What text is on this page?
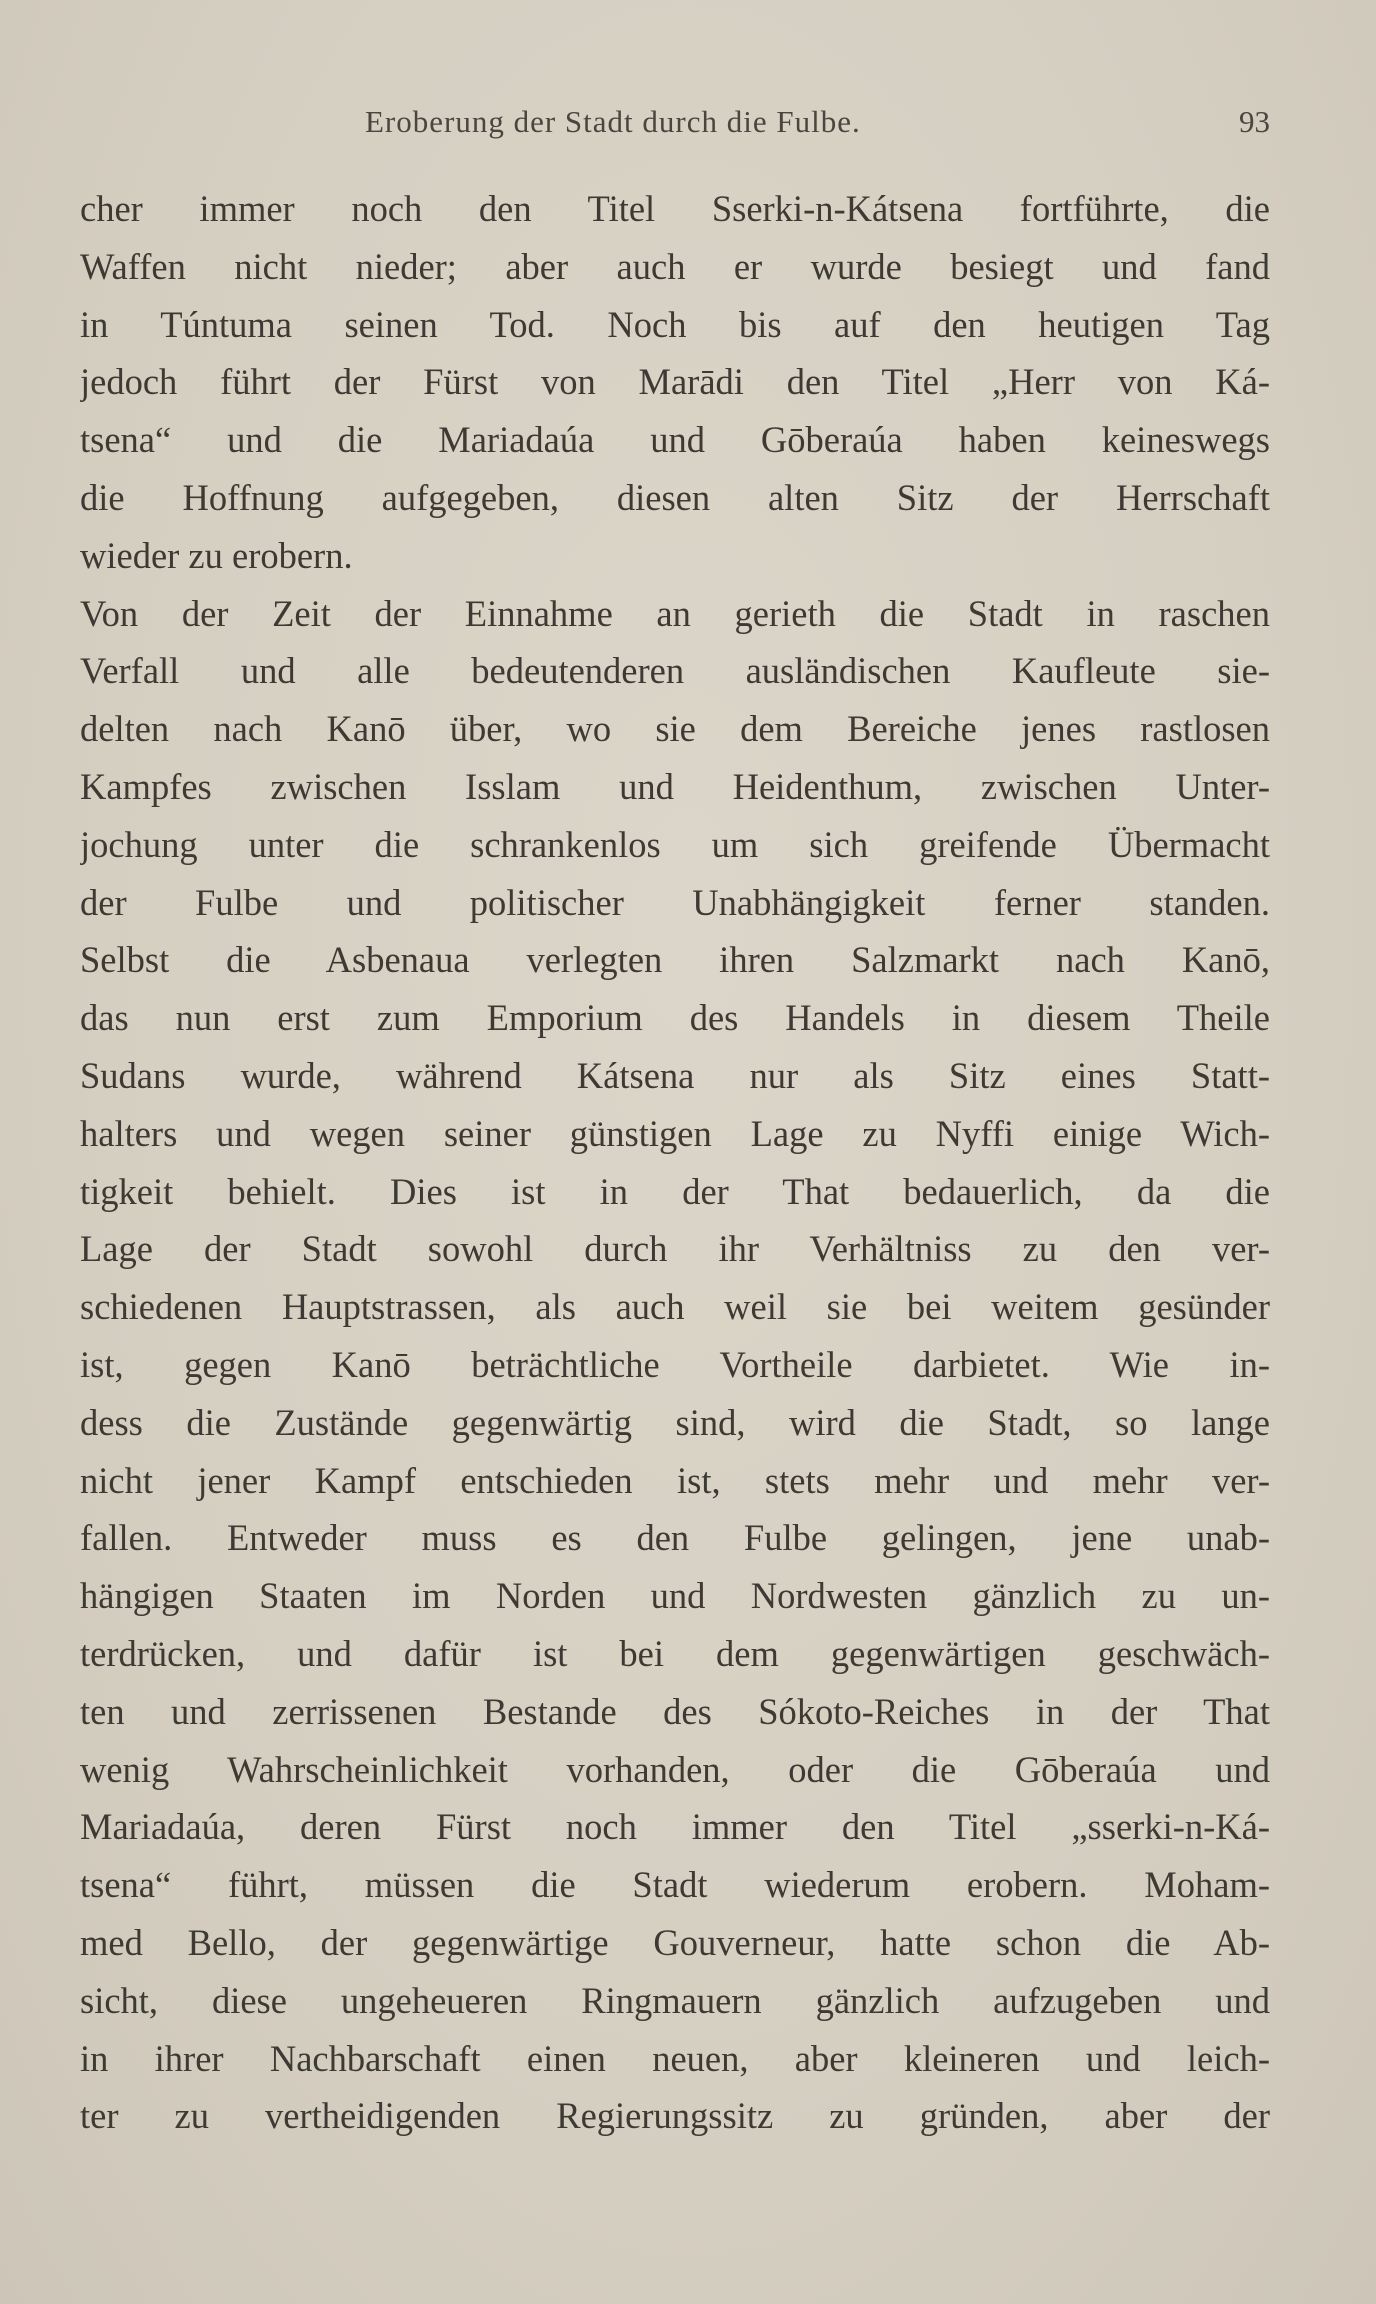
Eroberung der Stadt durch die Fulbe.	93
cher immer noch den Titel Sserki-n-Kátsena fortführte, die
Waffen nicht nieder; aber auch er wurde besiegt und fand
in Túntuma seinen Tod. Noch bis auf den heutigen Tag
jedoch führt der Fürst von Marādi den Titel „Herr von Ká-
tsena“ und die Mariadaúa und Gōberaúa haben keineswegs
die Hoffnung aufgegeben, diesen alten Sitz der Herrschaft
wieder zu erobern.
Von der Zeit der Einnahme an gerieth die Stadt in raschen
Verfall und alle bedeutenderen ausländischen Kaufleute sie-
delten nach Kanō über, wo sie dem Bereiche jenes rastlosen
Kampfes zwischen Isslam und Heidenthum, zwischen Unter-
jochung unter die schrankenlos um sich greifende Übermacht
der Fulbe und politischer Unabhängigkeit ferner standen.
Selbst die Asbenaua verlegten ihren Salzmarkt nach Kanō,
das nun erst zum Emporium des Handels in diesem Theile
Sudans wurde, während Kátsena nur als Sitz eines Statt-
halters und wegen seiner günstigen Lage zu Nyffi einige Wich-
tigkeit behielt. Dies ist in der That bedauerlich, da die
Lage der Stadt sowohl durch ihr Verhältniss zu den ver-
schiedenen Hauptstrassen, als auch weil sie bei weitem gesünder
ist, gegen Kanō beträchtliche Vortheile darbietet. Wie in-
dess die Zustände gegenwärtig sind, wird die Stadt, so lange
nicht jener Kampf entschieden ist, stets mehr und mehr ver-
fallen. Entweder muss es den Fulbe gelingen, jene unab-
hängigen Staaten im Norden und Nordwesten gänzlich zu un-
terdrücken, und dafür ist bei dem gegenwärtigen geschwäch-
ten und zerrissenen Bestande des Sókoto-Reiches in der That
wenig Wahrscheinlichkeit vorhanden, oder die Gōberaúa und
Mariadaúa, deren Fürst noch immer den Titel „sserki-n-Ká-
tsena“ führt, müssen die Stadt wiederum erobern. Moham-
med Bello, der gegenwärtige Gouverneur, hatte schon die Ab-
sicht, diese ungeheueren Ringmauern gänzlich aufzugeben und
in ihrer Nachbarschaft einen neuen, aber kleineren und leich-
ter zu vertheidigenden Regierungssitz zu gründen, aber der
